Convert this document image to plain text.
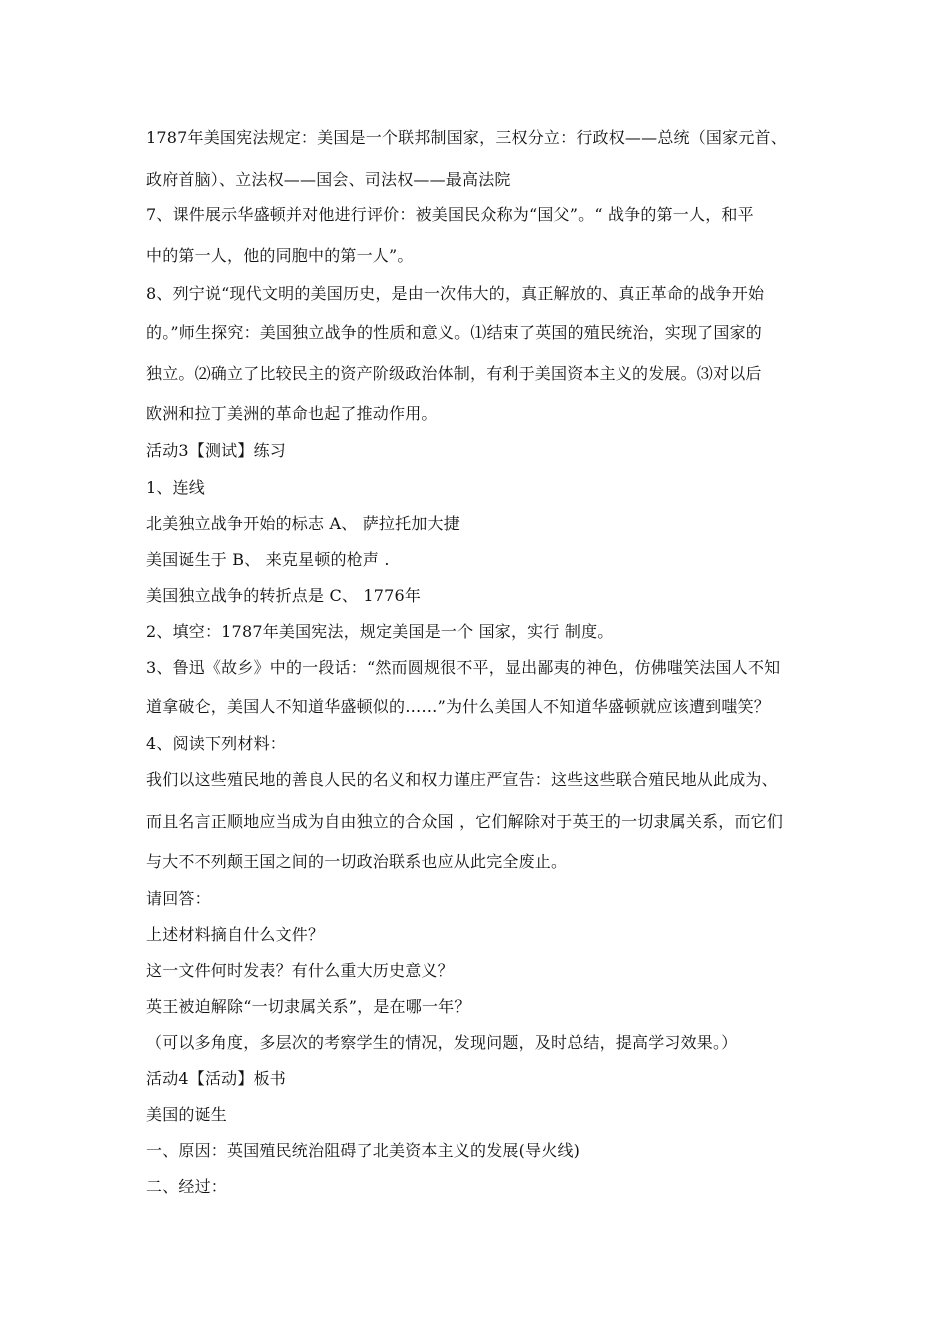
1787年美国宪法规定：美国是一个联邦制国家，三权分立：行政权——总统（国家元首、
政府首脑）、立法权——国会、司法权——最高法院
7、课件展示华盛顿并对他进行评价：被美国民众称为“国父”。“ 战争的第一人，和平
中的第一人，他的同胞中的第一人”。
8、列宁说“现代文明的美国历史，是由一次伟大的，真正解放的、真正革命的战争开始
的。”师生探究：美国独立战争的性质和意义。⑴结束了英国的殖民统治，实现了国家的
独立。⑵确立了比较民主的资产阶级政治体制，有利于美国资本主义的发展。⑶对以后
欧洲和拉丁美洲的革命也起了推动作用。
活动3【测试】练习
1、连线
北美独立战争开始的标志 A、 萨拉托加大捷
美国诞生于 B、 来克星顿的枪声 .
美国独立战争的转折点是 C、 1776年
2、填空：1787年美国宪法，规定美国是一个 国家，实行 制度。
3、鲁迅《故乡》中的一段话：“然而圆规很不平，显出鄙夷的神色，仿佛嗤笑法国人不知
道拿破仑，美国人不知道华盛顿似的……”为什么美国人不知道华盛顿就应该遭到嗤笑？
4、阅读下列材料：
我们以这些殖民地的善良人民的名义和权力谨庄严宣告：这些这些联合殖民地从此成为、
而且名言正顺地应当成为自由独立的合众国 ，它们解除对于英王的一切隶属关系，而它们
与大不不列颠王国之间的一切政治联系也应从此完全废止。
请回答：
上述材料摘自什么文件？
这一文件何时发表？有什么重大历史意义？
英王被迫解除“一切隶属关系”，是在哪一年？
（可以多角度，多层次的考察学生的情况，发现问题，及时总结，提高学习效果。）
活动4【活动】板书
美国的诞生
一、原因：英国殖民统治阻碍了北美资本主义的发展(导火线)
二、经过：
